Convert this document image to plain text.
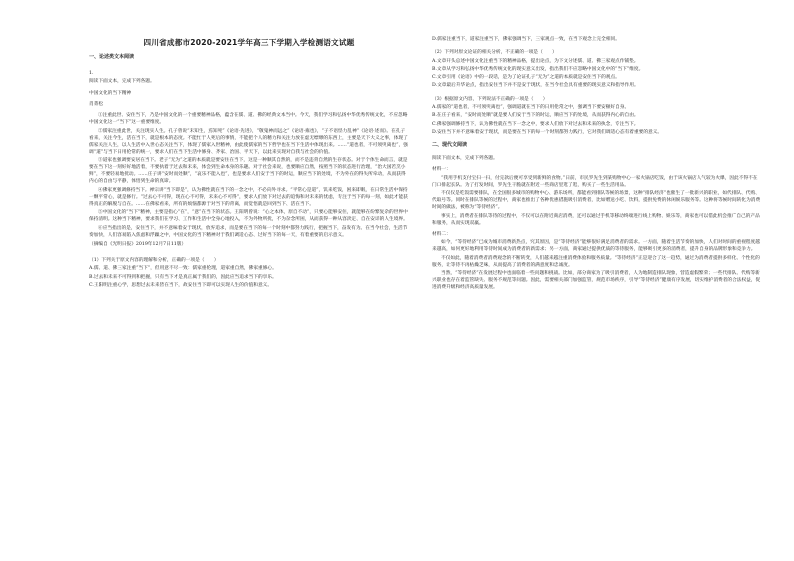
四川省成都市2020-2021学年高三下学期入学检测语文试题
一、论述类文本阅读

1.

阅读下面文本，完成下列各题。

中国文化的当下精神

肖菁松

①注重此世、安住当下，乃是中国文化的一个重要精神品格，蕴含在儒、道、佛的经典文本当中。今天，我们学习和弘扬中华优秀传统文化，不应忽略中国文化这一“当下”这一重要维度。

②儒家注重此世，关注现实人生。孔子曾说“未知生，焉知死”《论语·先进》，“敬鬼神而远之”《论语·雍也》，“子不语怪力乱神”《论语·述而》。在孔子看来，关注今生，活在当下，就是根本的态度。不能忙于人死后的事情，不能把个人的精力和关注力放在虚无缥缈的东西上，主要是天下大义之事，体现了儒家关注人生，以人生活中入世心态关注当下，体现了儒家入世精神，由此使儒家的当下哲学也在当下生活中体现出来。……“道也者，不可须臾离也”，强调“道”与当下日用伦常的统一，要求人们在当下生活中修身、齐家、治国、平天下，以此来实现对自我与社会的价值。

③道家也强调要安居在当下。老子“无为”之道的本质就是要安住在当下，这是一种顺其自然的，而不是违背自然的生存状态。对于个体生命而言，就是要在当下这一刻好好地活着，不要执着于过去和未来，体会到生命本身的乐趣。对于社会来说，也要顺应自然，按照当下的状态进行治理，“治大国若烹小鲜”，不要轻易地扰动。……庄子讲“安时而处顺”，“哀乐不能入也”，也是要求人们安于当下的时运，顺应当下的处境，不为外在的得失所牵动，从而获得内心的自由与平静，体悟到生命的真谛。

④佛家更强调修持当下。禅宗讲“当下即是”，认为佛性就在当下的一念之中，不必向外寻求。“平常心是道”，饥来吃饭，困来即眠，在日常生活中保持一颗平常心，就是修行。“过去心不可得，现在心不可得，未来心不可得”，要求人们放下对过去的追悔和对未来的忧虑，专注于当下的每一刻，如此才能获得真正的解脱与自在。……在佛家看来，所有的烦恼都源于对当下的背离，而觉悟就是回到当下、活在当下。

⑤中国文化的“当下”精神，主要是指心“在”，“意”在当下的状态。王阳明曾说：“心之本体，原自不动”，只要心能够安住，就能够在纷繁复杂的世界中保持清明。这种当下精神，要求我们在学习、工作和生活中全身心地投入，不为外物所扰，不为杂念所困，从而获得一种从容淡定、自在安详的人生境界。

⑥应当指出的是，安住当下，并不意味着安于现状，放弃追求，而是要在当下的每一个时刻中都努力践行，把握当下，奋发有为。在当今社会，生活节奏加快，人们容易陷入焦虑和浮躁之中，中国文化的当下精神对于我们调适心态、过好当下的每一天，有着重要的启示意义。

（摘编自《光明日报》2019年12月7日11版）

（1）下列关于原文内容的理解和分析，正确的一项是（　　）

A.儒、道、佛三家注重“当下”，但用意不尽一致：儒家重伦理，道家重自然，佛家重修心。

B.过去和未来不可得到和把握，只有当下才是真正属于我们的，因此应当追求当下的享乐。

C.王阳明注重心学，思想过去未来皆在当下，故安住当下即可以实现人生的价值和意义。

D.儒家注重当下，道家注重当下，佛家强调当下，三家观点一致，在当下观念上完全相同。

（2）下列对原文论证的相关分析，不正确的一项是（　　）

A.文章开头总述中国文化注重当下的精神品格，提出论点，为下文分述儒、道、佛三家观点作铺垫。

B.文章从学习和弘扬中华优秀传统文化的现实意义出发，指出我们不应忽略中国文化中的“当下”维度。

C.文章引用《论语》中的一段话，是为了论证孔子“无为”之道的本质就是安住当下的观点。

D.文章最后升华论点，指出安住当下并不是安于现状，在当今社会具有重要的现实意义和指导作用。

（3）根据原文内容，下列说法不正确的一项是（　　）

A.儒家的“道也者，不可须臾离也”，强调道就在当下的日用伦常之中，强调当下要安顿好自身。

B.在庄子看来，“安时而处顺”就是要人们安于当下的时运，顺应当下的处境，从而获得内心的自由。

C.佛家强调修持当下，认为佛性就在当下一念之中，要求人们放下对过去和未来的执念，专注当下。

D.安住当下并不意味着安于现状，而是要在当下的每一个时刻都努力践行，它对我们调适心态有着重要的意义。

二、现代文阅读

阅读下面文本，完成下列各题。

材料一：

“我用手机支付宝扫一扫，付完款后便可享受到新鲜的食物。”日前，市民罗先生到某购物中心一家火锅店吃饭，由于该火锅店人气较为火爆，因此不得不在门口排起长队。为了打发时间，罗先生干脆就在附近一些商店里逛了逛，购买了一些生活用品。

不仅仅是吃饭需要排队，在全国很多城市的购物中心、游乐场所，都能看到排队等候的场景，这种“排队经济”也催生了一批新兴的职业，如代排队、代购、代取号等。同时在排队等候的过程中，商家也推出了各种优惠措施吸引消费者，比如赠送小吃、饮料，提供免费的休闲娱乐服务等。这种将等候时间转化为消费时间的做法，被称为“等待经济”。

事实上，消费者在排队等待的过程中，不仅可以在附近商店消费，还可以通过手机等移动终端进行线上购物、娱乐等，商家也可以借此机会推广自己的产品和服务，从而实现双赢。

材料二：

如今，“等待经济”已成为城市消费新热点，究其原因，是“等待经济”能够很好满足消费者的需求。一方面，随着生活节奏的加快，人们对时间的重视程度越来越高，如何更好地利用等待时间成为消费者的新需求；另一方面，商家通过提供优质的等待服务，能够吸引更多的消费者，提升自身的品牌形象和竞争力。

不仅如此，随着消费者消费观念的不断转变，人们越来越注重消费体验和服务质量。“等待经济”正是迎合了这一趋势，通过为消费者提供多样化、个性化的服务，让等待不再枯燥乏味，从而提高了消费者的满意度和忠诚度。

当然，“等待经济”在发展过程中也面临着一些问题和挑战。比如，部分商家为了吸引消费者，人为地制造排队现象，营造虚假繁荣；一些代排队、代购等新兴职业也存在着监管缺失、服务不规范等问题。因此，需要相关部门加强监管，规范市场秩序，引导“等待经济”健康有序发展，切实维护消费者的合法权益，促进消费升级和经济高质量发展。
